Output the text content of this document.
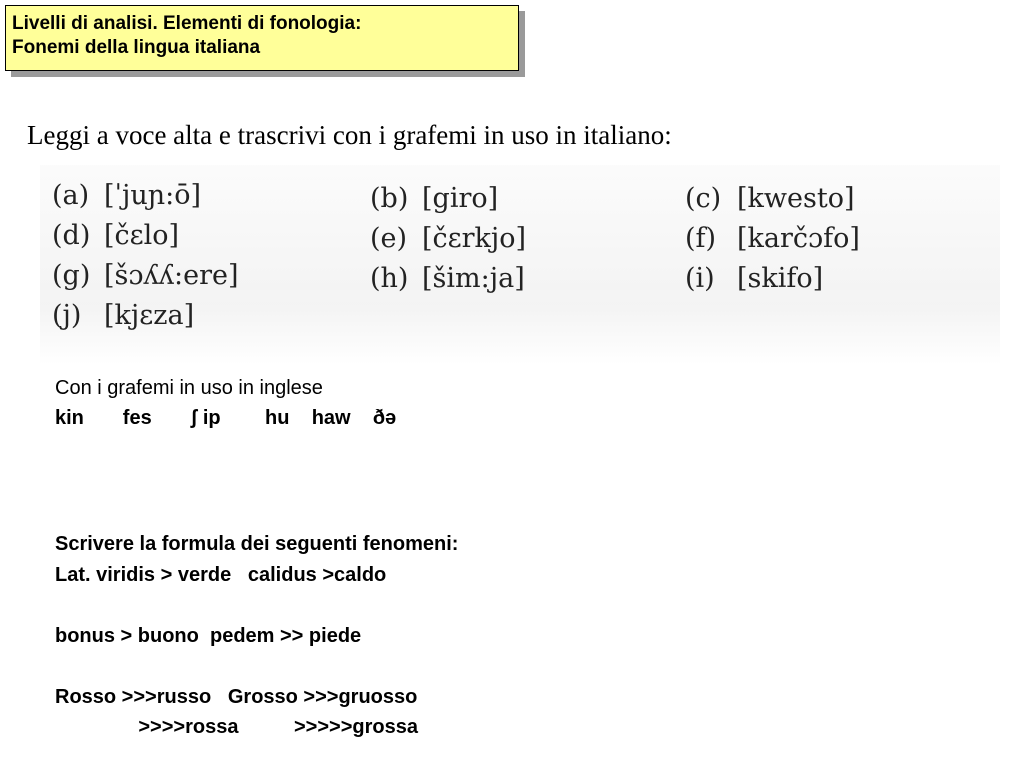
Livelli di analisi. Elementi di fonologia:
Fonemi della lingua italiana
Leggi a voce alta e trascrivi con i grafemi in uso in italiano:
(a) [ˈjuɲ:ō]	(b) [giro]	(c) [kwesto]
(d) [čɛlo]	(e) [čɛrkjo]	(f) [karčɔfo]
(g) [šɔʎʎ:ere]	(h) [šim:ja]	(i) [skifo]
(j) [kjɛza]
Con i grafemi in uso in inglese
kin       fes       ʃ ip        hu    haw    ðə
Scrivere la formula dei seguenti fenomeni:
Lat. viridis > verde   calidus >caldo
bonus > buono  pedem >> piede
Rosso >>>russo   Grosso >>>gruosso
>>>>rossa          >>>>>grossa
